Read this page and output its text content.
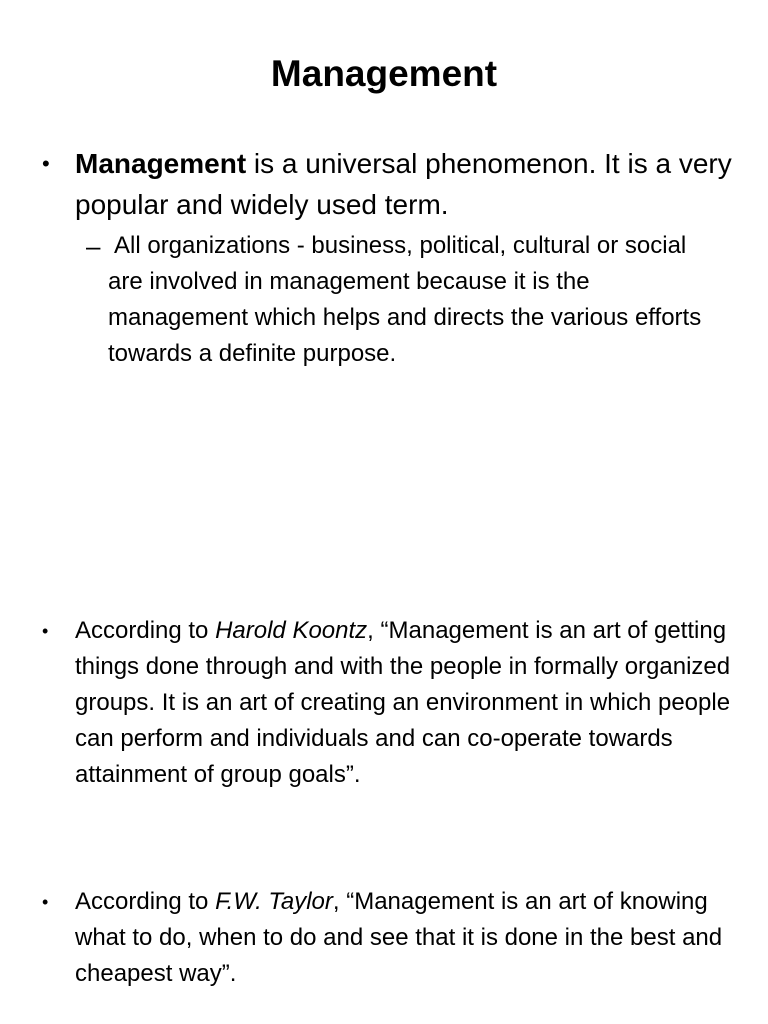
Management
• Management is a universal phenomenon. It is a very popular and widely used term.
– All organizations - business, political, cultural or social are involved in management because it is the management which helps and directs the various efforts towards a definite purpose.
•	According to Harold Koontz, “Management is an art of getting things done through and with the people in formally organized groups. It is an art of creating an environment in which people can perform and individuals and can co-operate towards attainment of group goals”.
•	According to F.W. Taylor, “Management is an art of knowing what to do, when to do and see that it is done in the best and cheapest way”.
